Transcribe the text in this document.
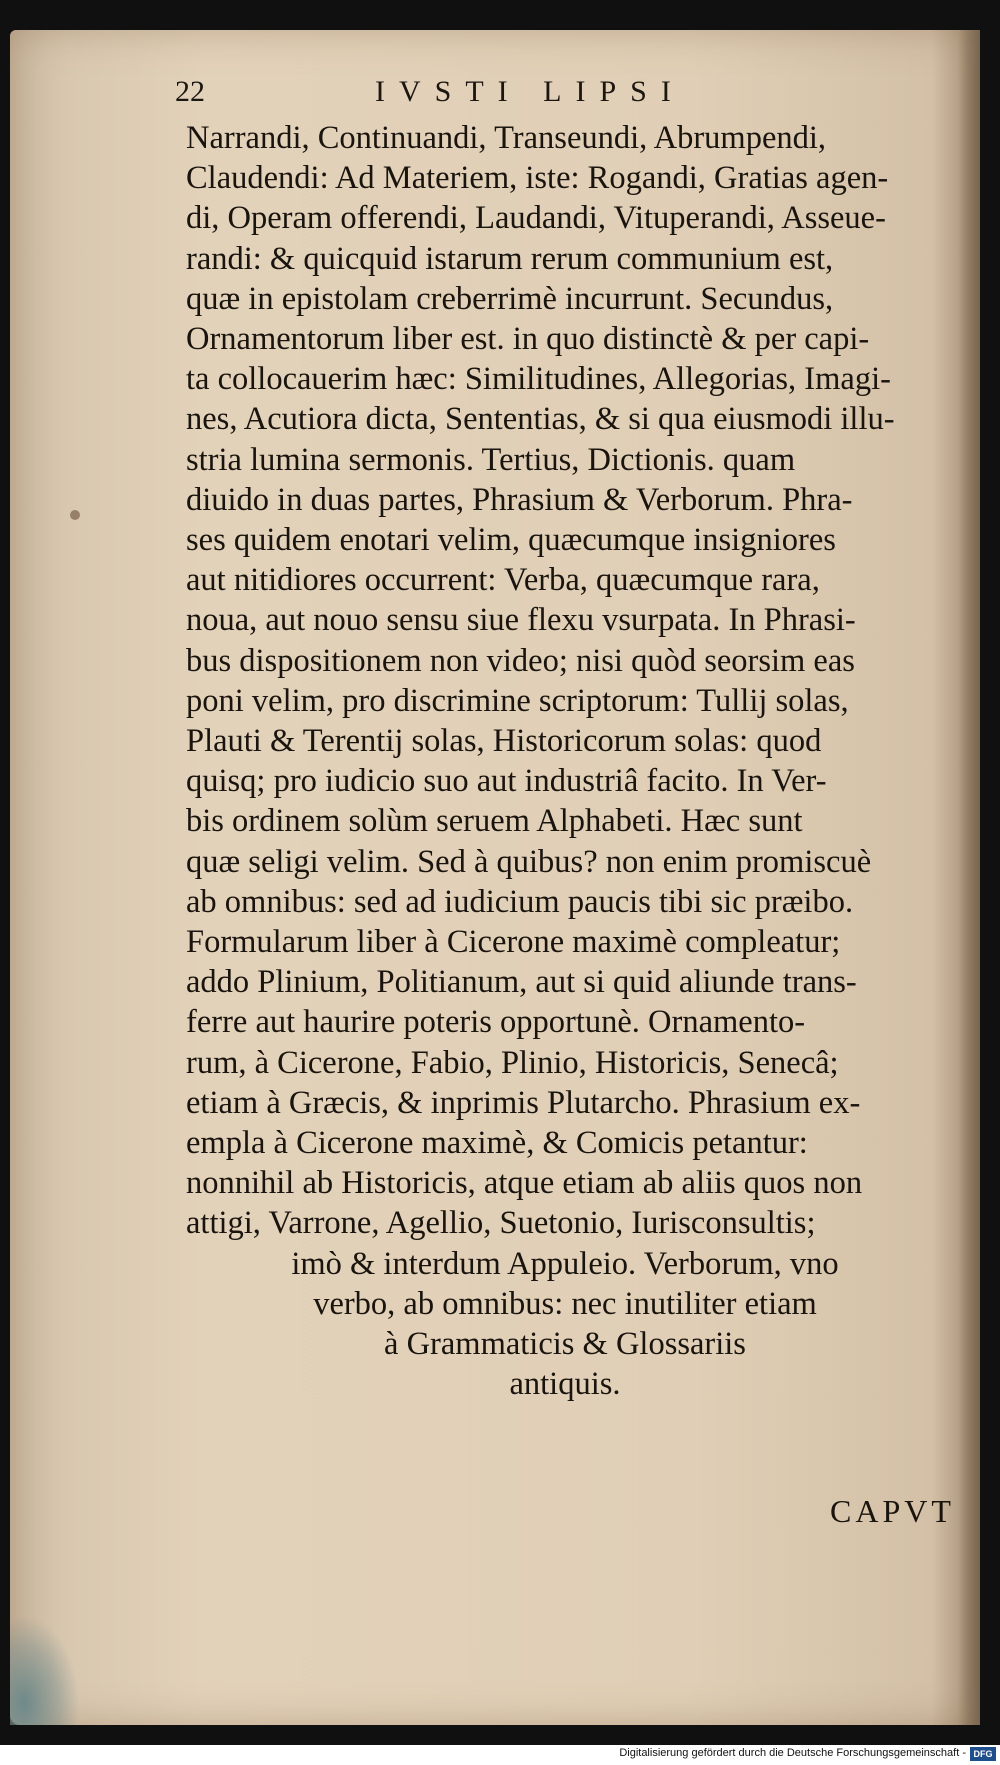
22	IVSTI LIPSI
Narrandi, Continuandi, Transeundi, Abrumpendi,
Claudendi: Ad Materiem, iste: Rogandi, Gratias agen-
di, Operam offerendi, Laudandi, Vituperandi, Asseue-
randi: & quicquid istarum rerum communium est,
quæ in epistolam creberrimè incurrunt. Secundus,
Ornamentorum liber est. in quo distinctè & per capi-
ta collocauerim hæc: Similitudines, Allegorias, Imagi-
nes, Acutiora dicta, Sententias, & si qua eiusmodi illu-
stria lumina sermonis. Tertius, Dictionis. quam
diuido in duas partes, Phrasium & Verborum. Phra-
ses quidem enotari velim, quæcumque insigniores
aut nitidiores occurrent: Verba, quæcumque rara,
noua, aut nouo sensu siue flexu vsurpata. In Phrasi-
bus dispositionem non video; nisi quòd seorsim eas
poni velim, pro discrimine scriptorum: Tullij solas,
Plauti & Terentij solas, Historicorum solas: quod
quisq; pro iudicio suo aut industriâ facito. In Ver-
bis ordinem solùm seruem Alphabeti. Hæc sunt
quæ seligi velim. Sed à quibus? non enim promiscuè
ab omnibus: sed ad iudicium paucis tibi sic præibo.
Formularum liber à Cicerone maximè compleatur;
addo Plinium, Politianum, aut si quid aliunde trans-
ferre aut haurire poteris opportunè. Ornamento-
rum, à Cicerone, Fabio, Plinio, Historicis, Senecâ;
etiam à Græcis, & inprimis Plutarcho. Phrasium ex-
empla à Cicerone maximè, & Comicis petantur:
nonnihil ab Historicis, atque etiam ab aliis quos non
attigi, Varrone, Agellio, Suetonio, Iurisconsultis;
imò & interdum Appuleio. Verborum, vno
verbo, ab omnibus: nec inutiliter etiam
à Grammaticis & Glossariis
antiquis.
CAPVT
Digitalisierung gefördert durch die Deutsche Forschungsgemeinschaft - DFG
